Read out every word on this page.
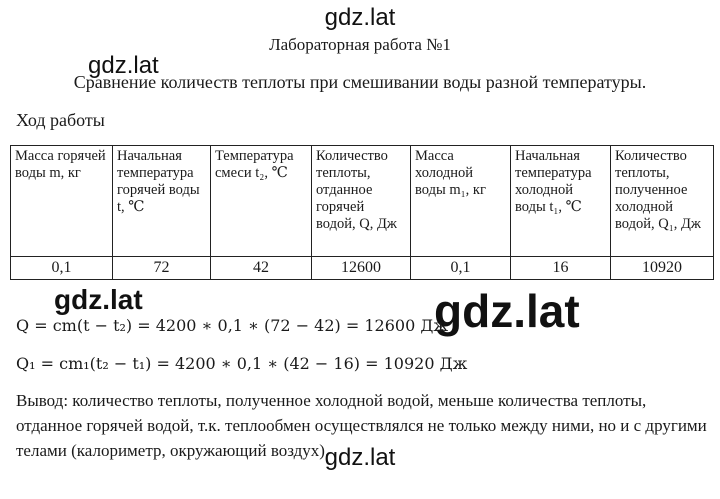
gdz.lat
Лабораторная работа №1
gdz.lat
Сравнение количеств теплоты при смешивании воды разной температуры.
Ход работы
Масса горячей воды m, кг	Начальная температура горячей воды t, ℃	Температура смеси t₂, ℃	Количество теплоты, отданное горячей водой, Q, Дж	Масса холодной воды m₁, кг	Начальная температура холодной воды t₁, ℃	Количество теплоты, полученное холодной водой, Q₁, Дж
0,1	72	42	12600	0,1	16	10920
gdz.lat	gdz.lat
Q = cm(t − t₂) = 4200 ∗ 0,1 ∗ (72 − 42) = 12600 Дж
Q₁ = cm₁(t₂ − t₁) = 4200 ∗ 0,1 ∗ (42 − 16) = 10920 Дж
Вывод: количество теплоты, полученное холодной водой, меньше количества теплоты, отданное горячей водой, т.к. теплообмен осуществлялся не только между ними, но и с другими телами (калориметр, окружающий воздух).
gdz.lat
